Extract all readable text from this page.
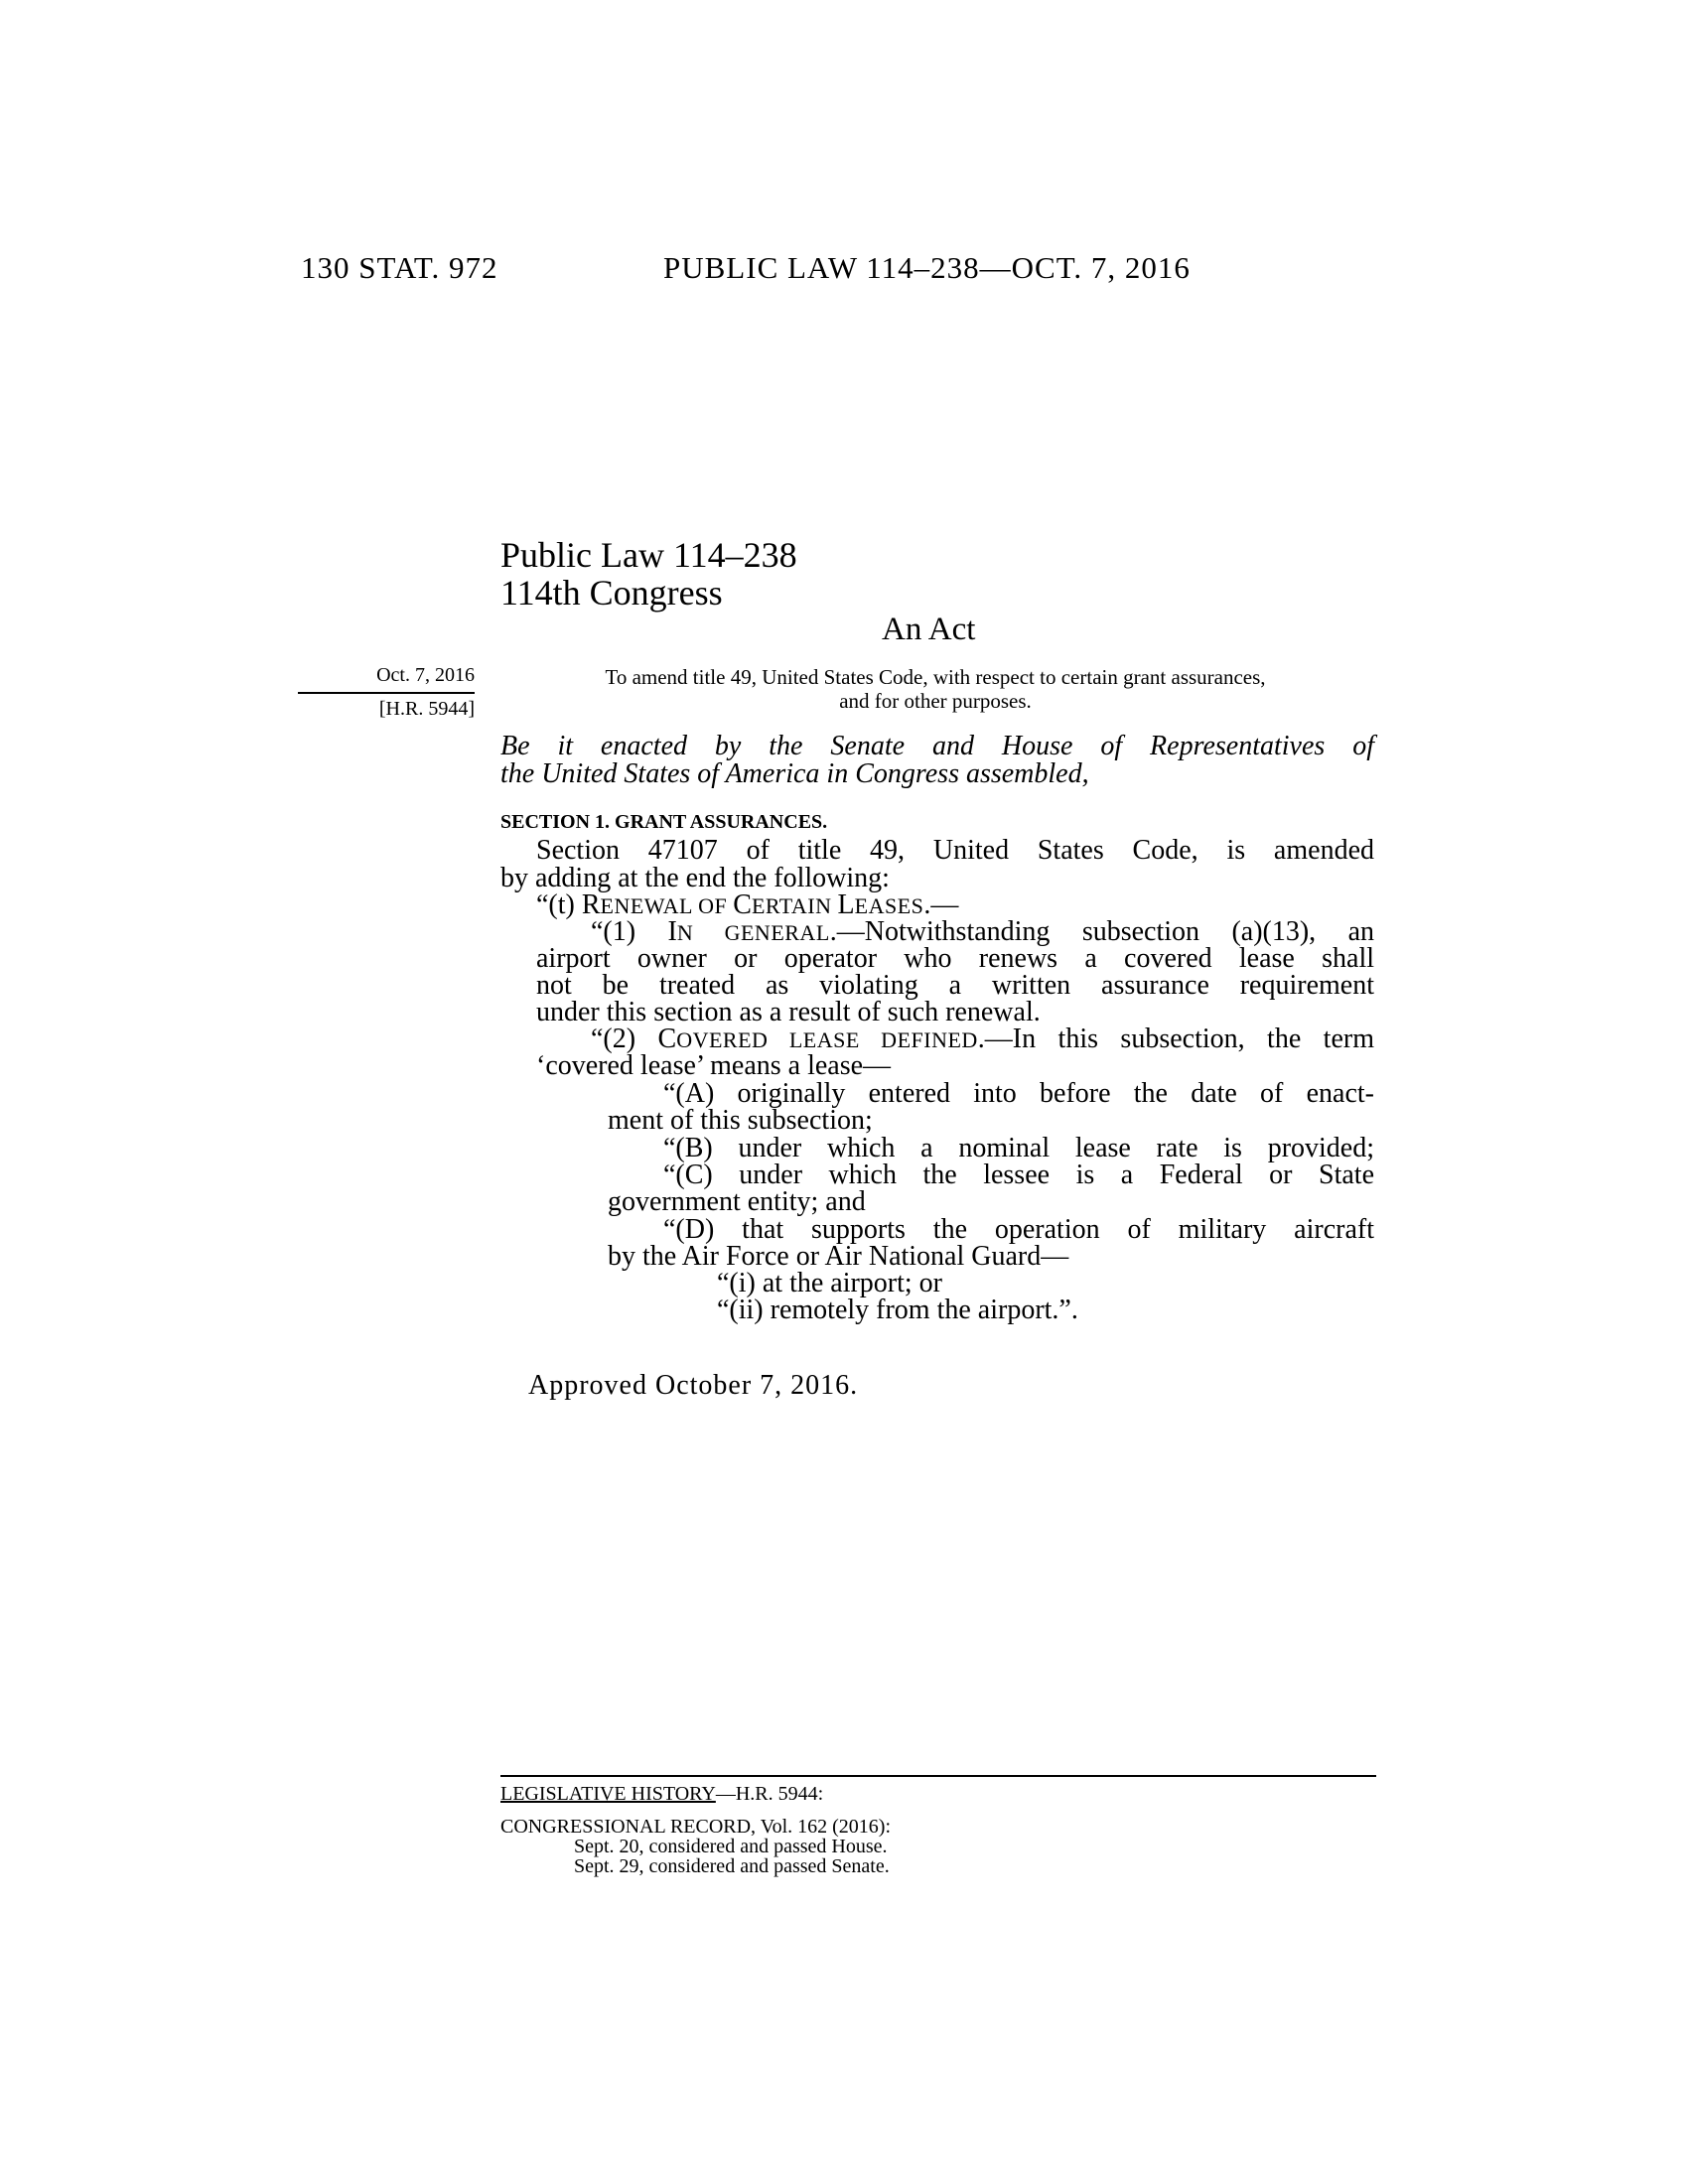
130 STAT. 972	PUBLIC LAW 114–238—OCT. 7, 2016
Public Law 114–238
114th Congress
An Act
Oct. 7, 2016
[H.R. 5944]
To amend title 49, United States Code, with respect to certain grant assurances,
and for other purposes.
Be it enacted by the Senate and House of Representatives of
the United States of America in Congress assembled,
SECTION 1. GRANT ASSURANCES.
Section 47107 of title 49, United States Code, is amended
by adding at the end the following:
“(t) RENEWAL OF CERTAIN LEASES.—
“(1) IN GENERAL.—Notwithstanding subsection (a)(13), an
airport owner or operator who renews a covered lease shall
not be treated as violating a written assurance requirement
under this section as a result of such renewal.
“(2) COVERED LEASE DEFINED.—In this subsection, the term
‘covered lease’ means a lease—
“(A) originally entered into before the date of enact-
ment of this subsection;
“(B) under which a nominal lease rate is provided;
“(C) under which the lessee is a Federal or State
government entity; and
“(D) that supports the operation of military aircraft
by the Air Force or Air National Guard—
“(i) at the airport; or
“(ii) remotely from the airport.”.
Approved October 7, 2016.
LEGISLATIVE HISTORY—H.R. 5944:
CONGRESSIONAL RECORD, Vol. 162 (2016):
Sept. 20, considered and passed House.
Sept. 29, considered and passed Senate.
